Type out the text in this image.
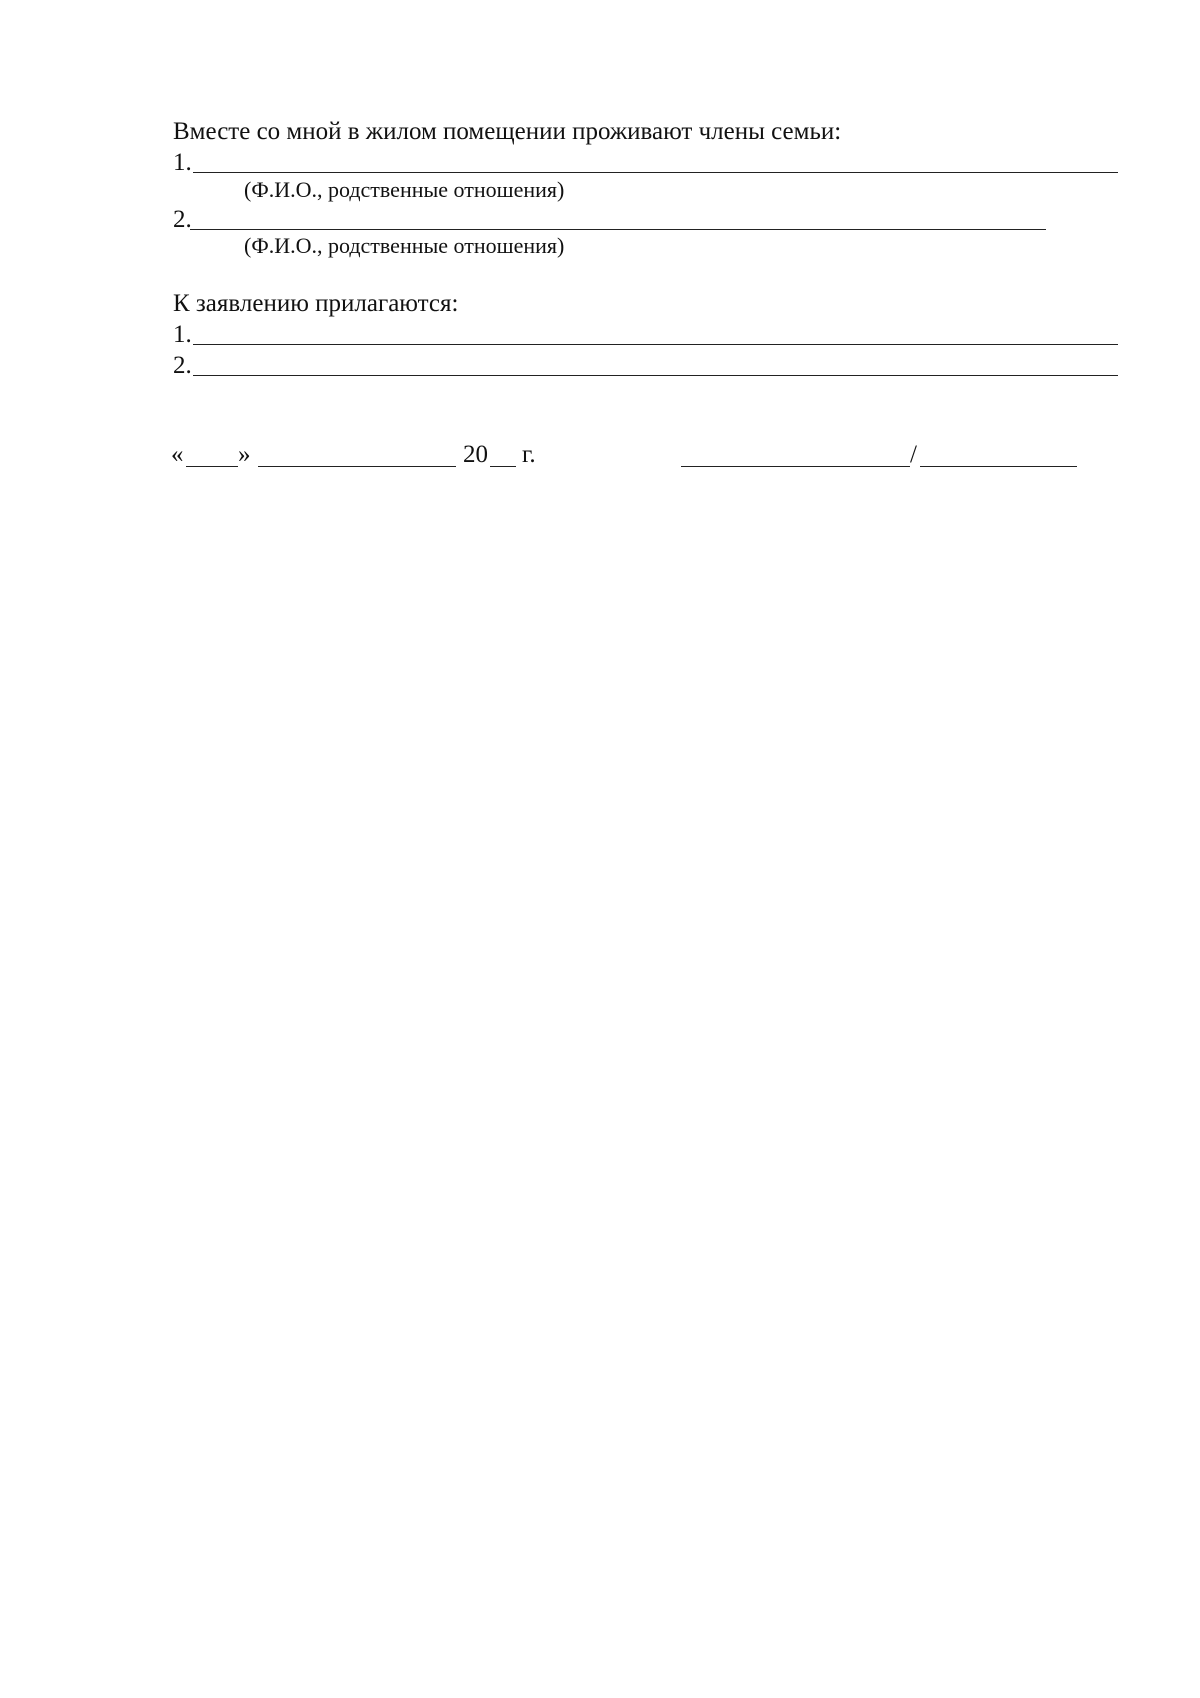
Вместе со мной в жилом помещении проживают члены семьи:
1.
(Ф.И.О., родственные отношения)
2.
(Ф.И.О., родственные отношения)
К заявлению прилагаются:
1.
2.
« »	20 г.	/
